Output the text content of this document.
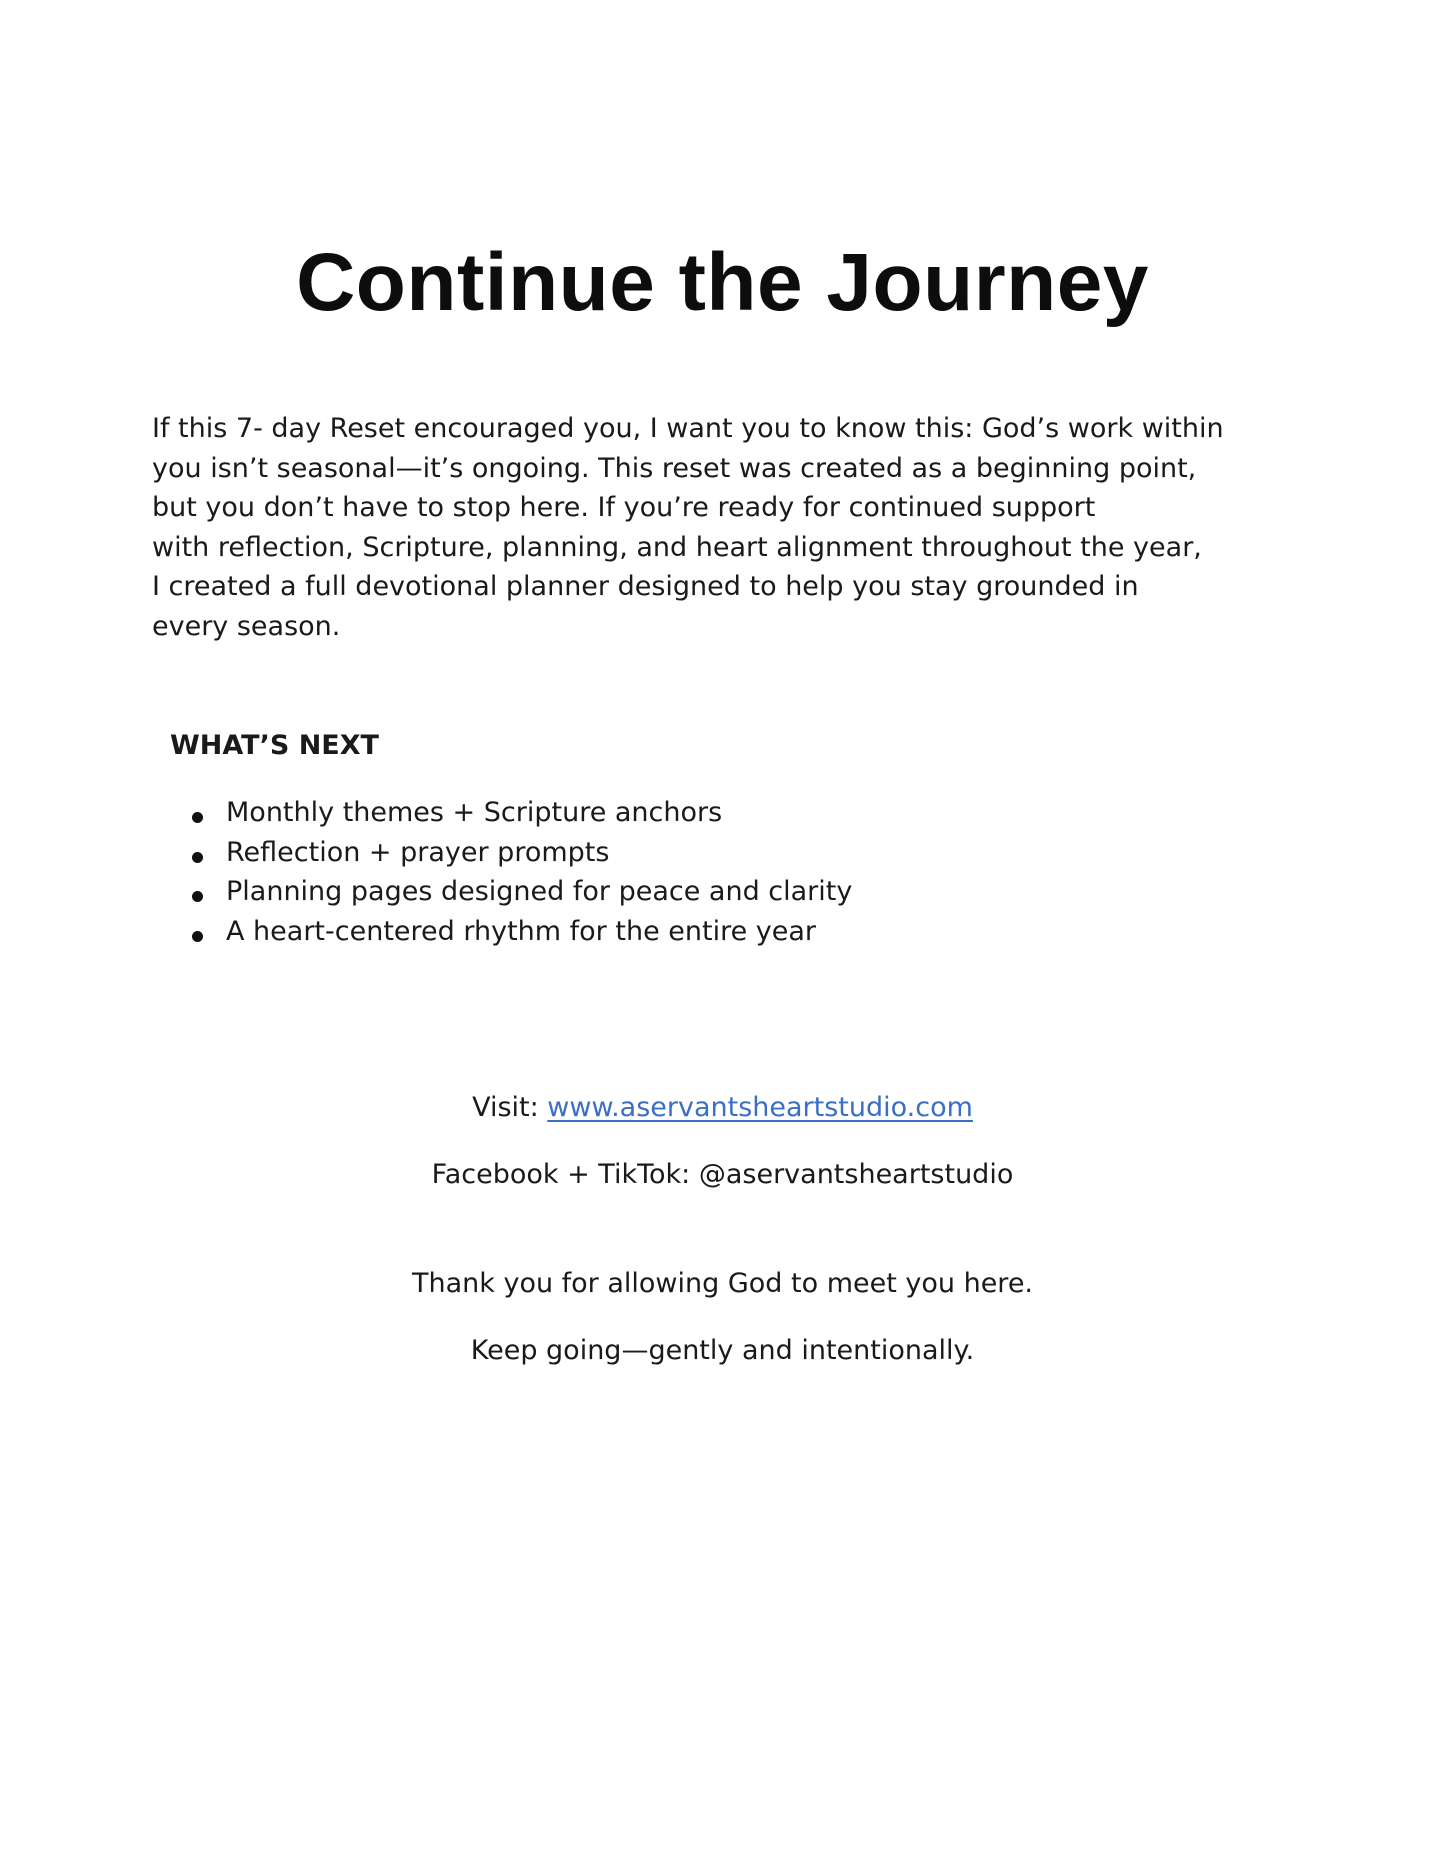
Continue the Journey

If this 7- day Reset encouraged you, I want you to know this: God’s work within
you isn’t seasonal—it’s ongoing. This reset was created as a beginning point,
but you don’t have to stop here. If you’re ready for continued support
with reflection, Scripture, planning, and heart alignment throughout the year,
I created a full devotional planner designed to help you stay grounded in
every season.

WHAT’S NEXT
Monthly themes + Scripture anchors
Reflection + prayer prompts
Planning pages designed for peace and clarity
A heart-centered rhythm for the entire year

Visit: www.aservantsheartstudio.com

Facebook + TikTok: @aservantsheartstudio

Thank you for allowing God to meet you here.

Keep going—gently and intentionally.
